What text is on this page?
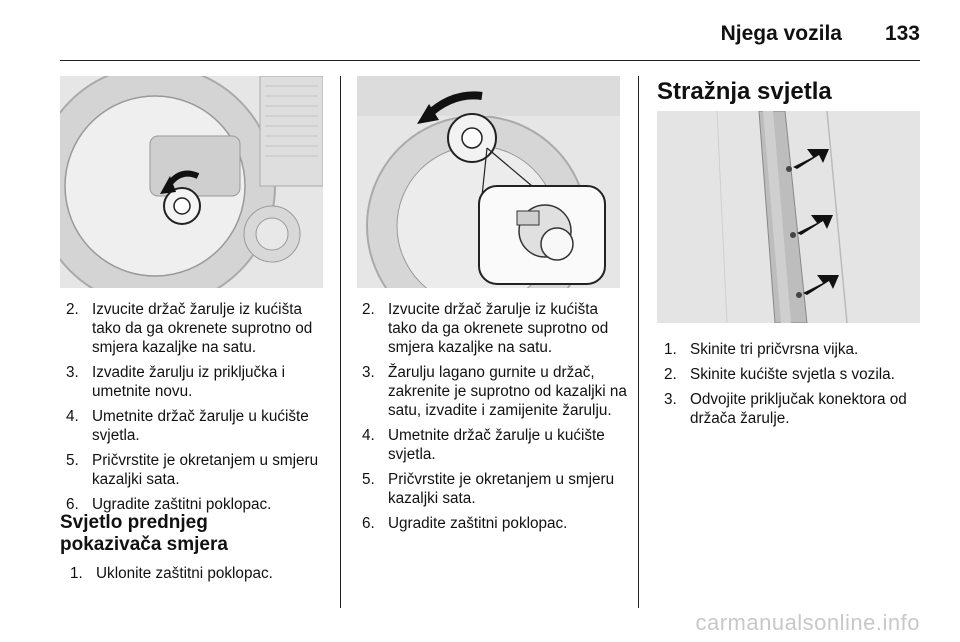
Njega vozila 133
2. Izvucite držač žarulje iz kućišta tako da ga okrenete suprotno od smjera kazaljke na satu.
3. Izvadite žarulju iz priključka i umetnite novu.
4. Umetnite držač žarulje u kućište svjetla.
5. Pričvrstite je okretanjem u smjeru kazaljki sata.
6. Ugradite zaštitni poklopac.
Svjetlo prednjeg pokazivača smjera
1. Uklonite zaštitni poklopac.
2. Izvucite držač žarulje iz kućišta tako da ga okrenete suprotno od smjera kazaljke na satu.
3. Žarulju lagano gurnite u držač, zakrenite je suprotno od kazaljki na satu, izvadite i zamijenite žarulju.
4. Umetnite držač žarulje u kućište svjetla.
5. Pričvrstite je okretanjem u smjeru kazaljki sata.
6. Ugradite zaštitni poklopac.
Stražnja svjetla
1. Skinite tri pričvrsna vijka.
2. Skinite kućište svjetla s vozila.
3. Odvojite priključak konektora od držača žarulje.
carmanualsonline.info
